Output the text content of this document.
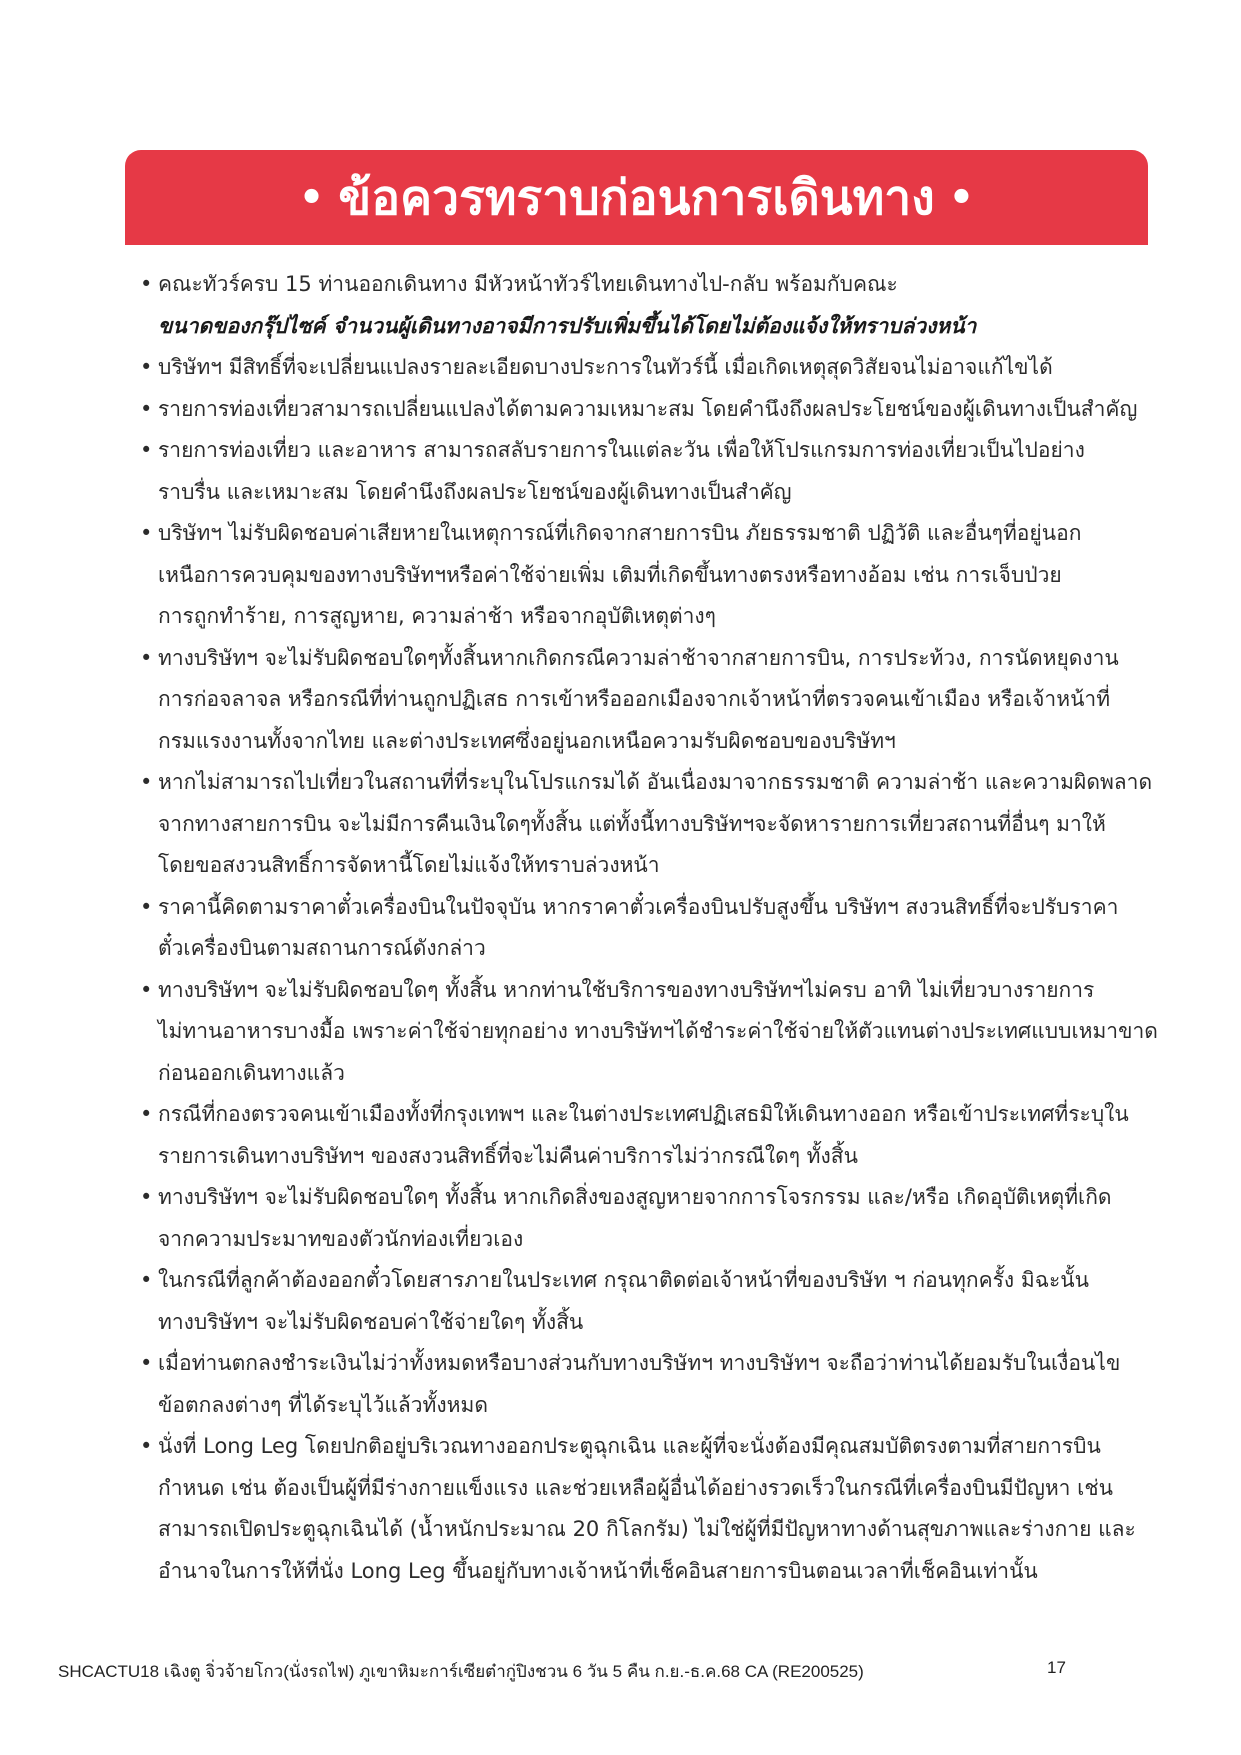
• ข้อควรทราบก่อนการเดินทาง •
• คณะทัวร์ครบ 15 ท่านออกเดินทาง มีหัวหน้าทัวร์ไทยเดินทางไป-กลับ พร้อมกับคณะ
ขนาดของกรุ๊ปไซค์ จำนวนผู้เดินทางอาจมีการปรับเพิ่มขึ้นได้โดยไม่ต้องแจ้งให้ทราบล่วงหน้า
• บริษัทฯ มีสิทธิ์ที่จะเปลี่ยนแปลงรายละเอียดบางประการในทัวร์นี้ เมื่อเกิดเหตุสุดวิสัยจนไม่อาจแก้ไขได้
• รายการท่องเที่ยวสามารถเปลี่ยนแปลงได้ตามความเหมาะสม โดยคำนึงถึงผลประโยชน์ของผู้เดินทางเป็นสำคัญ
• รายการท่องเที่ยว และอาหาร สามารถสลับรายการในแต่ละวัน เพื่อให้โปรแกรมการท่องเที่ยวเป็นไปอย่าง
ราบรื่น และเหมาะสม โดยคำนึงถึงผลประโยชน์ของผู้เดินทางเป็นสำคัญ
• บริษัทฯ ไม่รับผิดชอบค่าเสียหายในเหตุการณ์ที่เกิดจากสายการบิน ภัยธรรมชาติ ปฏิวัติ และอื่นๆที่อยู่นอก
เหนือการควบคุมของทางบริษัทฯหรือค่าใช้จ่ายเพิ่ม เติมที่เกิดขึ้นทางตรงหรือทางอ้อม เช่น การเจ็บป่วย
การถูกทำร้าย, การสูญหาย, ความล่าช้า หรือจากอุบัติเหตุต่างๆ
• ทางบริษัทฯ จะไม่รับผิดชอบใดๆทั้งสิ้นหากเกิดกรณีความล่าช้าจากสายการบิน, การประท้วง, การนัดหยุดงาน
การก่อจลาจล หรือกรณีที่ท่านถูกปฏิเสธ การเข้าหรือออกเมืองจากเจ้าหน้าที่ตรวจคนเข้าเมือง หรือเจ้าหน้าที่
กรมแรงงานทั้งจากไทย และต่างประเทศซึ่งอยู่นอกเหนือความรับผิดชอบของบริษัทฯ
• หากไม่สามารถไปเที่ยวในสถานที่ที่ระบุในโปรแกรมได้ อันเนื่องมาจากธรรมชาติ ความล่าช้า และความผิดพลาด
จากทางสายการบิน จะไม่มีการคืนเงินใดๆทั้งสิ้น แต่ทั้งนี้ทางบริษัทฯจะจัดหารายการเที่ยวสถานที่อื่นๆ มาให้
โดยขอสงวนสิทธิ์การจัดหานี้โดยไม่แจ้งให้ทราบล่วงหน้า
• ราคานี้คิดตามราคาตั๋วเครื่องบินในปัจจุบัน หากราคาตั๋วเครื่องบินปรับสูงขึ้น บริษัทฯ สงวนสิทธิ์ที่จะปรับราคา
ตั๋วเครื่องบินตามสถานการณ์ดังกล่าว
• ทางบริษัทฯ จะไม่รับผิดชอบใดๆ ทั้งสิ้น หากท่านใช้บริการของทางบริษัทฯไม่ครบ อาทิ ไม่เที่ยวบางรายการ
ไม่ทานอาหารบางมื้อ เพราะค่าใช้จ่ายทุกอย่าง ทางบริษัทฯได้ชำระค่าใช้จ่ายให้ตัวแทนต่างประเทศแบบเหมาขาด
ก่อนออกเดินทางแล้ว
• กรณีที่กองตรวจคนเข้าเมืองทั้งที่กรุงเทพฯ และในต่างประเทศปฏิเสธมิให้เดินทางออก หรือเข้าประเทศที่ระบุใน
รายการเดินทางบริษัทฯ ของสงวนสิทธิ์ที่จะไม่คืนค่าบริการไม่ว่ากรณีใดๆ ทั้งสิ้น
• ทางบริษัทฯ จะไม่รับผิดชอบใดๆ ทั้งสิ้น หากเกิดสิ่งของสูญหายจากการโจรกรรม และ/หรือ เกิดอุบัติเหตุที่เกิด
จากความประมาทของตัวนักท่องเที่ยวเอง
• ในกรณีที่ลูกค้าต้องออกตั๋วโดยสารภายในประเทศ กรุณาติดต่อเจ้าหน้าที่ของบริษัท ฯ ก่อนทุกครั้ง มิฉะนั้น
ทางบริษัทฯ จะไม่รับผิดชอบค่าใช้จ่ายใดๆ ทั้งสิ้น
• เมื่อท่านตกลงชำระเงินไม่ว่าทั้งหมดหรือบางส่วนกับทางบริษัทฯ ทางบริษัทฯ จะถือว่าท่านได้ยอมรับในเงื่อนไข
ข้อตกลงต่างๆ ที่ได้ระบุไว้แล้วทั้งหมด
• นั่งที่ Long Leg โดยปกติอยู่บริเวณทางออกประตูฉุกเฉิน และผู้ที่จะนั่งต้องมีคุณสมบัติตรงตามที่สายการบิน
กำหนด เช่น ต้องเป็นผู้ที่มีร่างกายแข็งแรง และช่วยเหลือผู้อื่นได้อย่างรวดเร็วในกรณีที่เครื่องบินมีปัญหา เช่น
สามารถเปิดประตูฉุกเฉินได้ (น้ำหนักประมาณ 20 กิโลกรัม) ไม่ใช่ผู้ที่มีปัญหาทางด้านสุขภาพและร่างกาย และ
อำนาจในการให้ที่นั่ง Long Leg ขึ้นอยู่กับทางเจ้าหน้าที่เช็คอินสายการบินตอนเวลาที่เช็คอินเท่านั้น
SHCACTU18 เฉิงตู จิ่วจ้ายโกว(นั่งรถไฟ) ภูเขาหิมะการ์เซียต๋ากู่ปิงชวน 6 วัน 5 คืน ก.ย.-ธ.ค.68 CA (RE200525)	17
